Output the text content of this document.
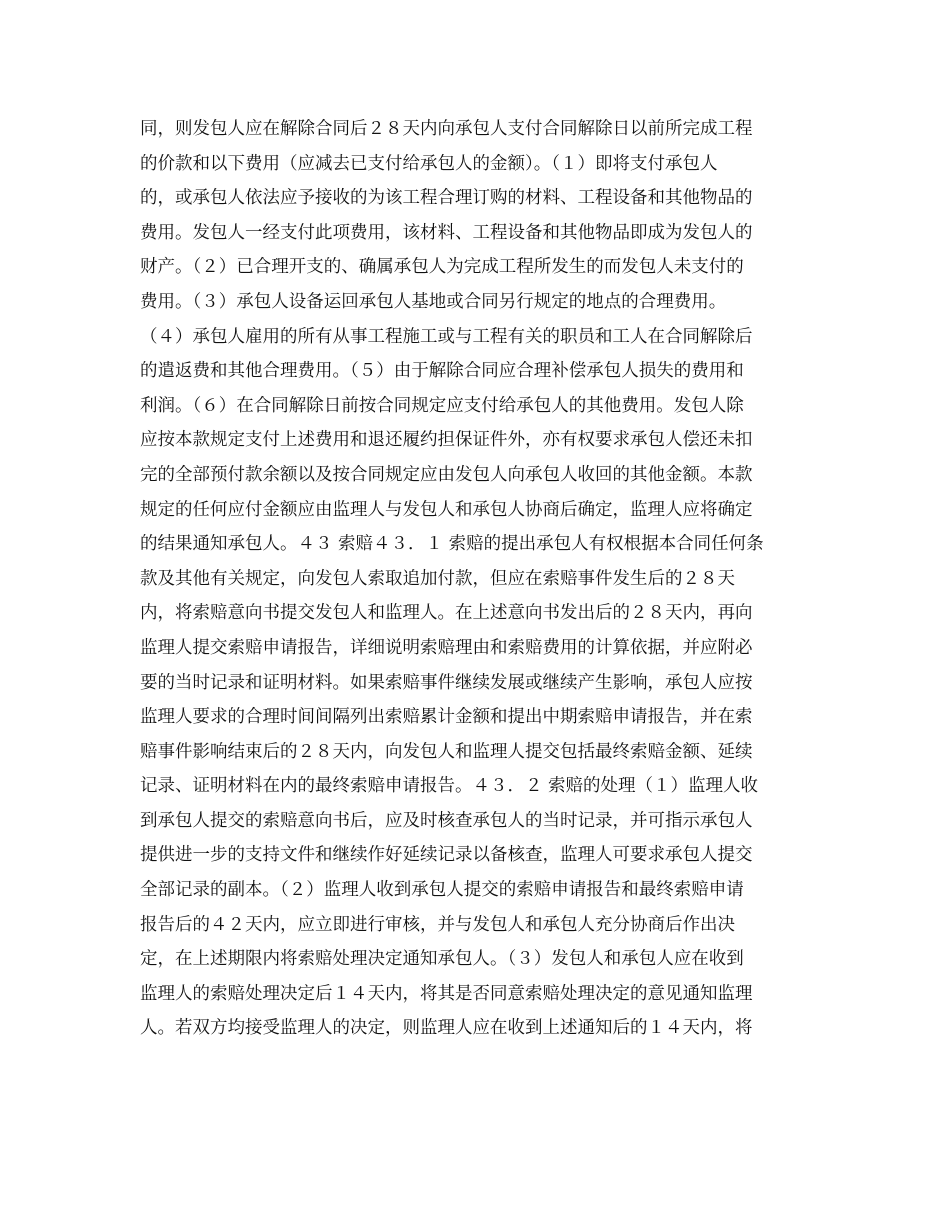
同，则发包人应在解除合同后２８天内向承包人支付合同解除日以前所完成工程
的价款和以下费用（应减去已支付给承包人的金额）。（１）即将支付承包人
的，或承包人依法应予接收的为该工程合理订购的材料、工程设备和其他物品的
费用。发包人一经支付此项费用，该材料、工程设备和其他物品即成为发包人的
财产。（２）已合理开支的、确属承包人为完成工程所发生的而发包人未支付的
费用。（３）承包人设备运回承包人基地或合同另行规定的地点的合理费用。
（４）承包人雇用的所有从事工程施工或与工程有关的职员和工人在合同解除后
的遣返费和其他合理费用。（５）由于解除合同应合理补偿承包人损失的费用和
利润。（６）在合同解除日前按合同规定应支付给承包人的其他费用。发包人除
应按本款规定支付上述费用和退还履约担保证件外，亦有权要求承包人偿还未扣
完的全部预付款余额以及按合同规定应由发包人向承包人收回的其他金额。本款
规定的任何应付金额应由监理人与发包人和承包人协商后确定，监理人应将确定
的结果通知承包人。４３ 索赔４３．１ 索赔的提出承包人有权根据本合同任何条
款及其他有关规定，向发包人索取追加付款，但应在索赔事件发生后的２８天
内，将索赔意向书提交发包人和监理人。在上述意向书发出后的２８天内，再向
监理人提交索赔申请报告，详细说明索赔理由和索赔费用的计算依据，并应附必
要的当时记录和证明材料。如果索赔事件继续发展或继续产生影响，承包人应按
监理人要求的合理时间间隔列出索赔累计金额和提出中期索赔申请报告，并在索
赔事件影响结束后的２８天内，向发包人和监理人提交包括最终索赔金额、延续
记录、证明材料在内的最终索赔申请报告。４３．２ 索赔的处理（１）监理人收
到承包人提交的索赔意向书后，应及时核查承包人的当时记录，并可指示承包人
提供进一步的支持文件和继续作好延续记录以备核查，监理人可要求承包人提交
全部记录的副本。（２）监理人收到承包人提交的索赔申请报告和最终索赔申请
报告后的４２天内，应立即进行审核，并与发包人和承包人充分协商后作出决
定，在上述期限内将索赔处理决定通知承包人。（３）发包人和承包人应在收到
监理人的索赔处理决定后１４天内，将其是否同意索赔处理决定的意见通知监理
人。若双方均接受监理人的决定，则监理人应在收到上述通知后的１４天内，将
